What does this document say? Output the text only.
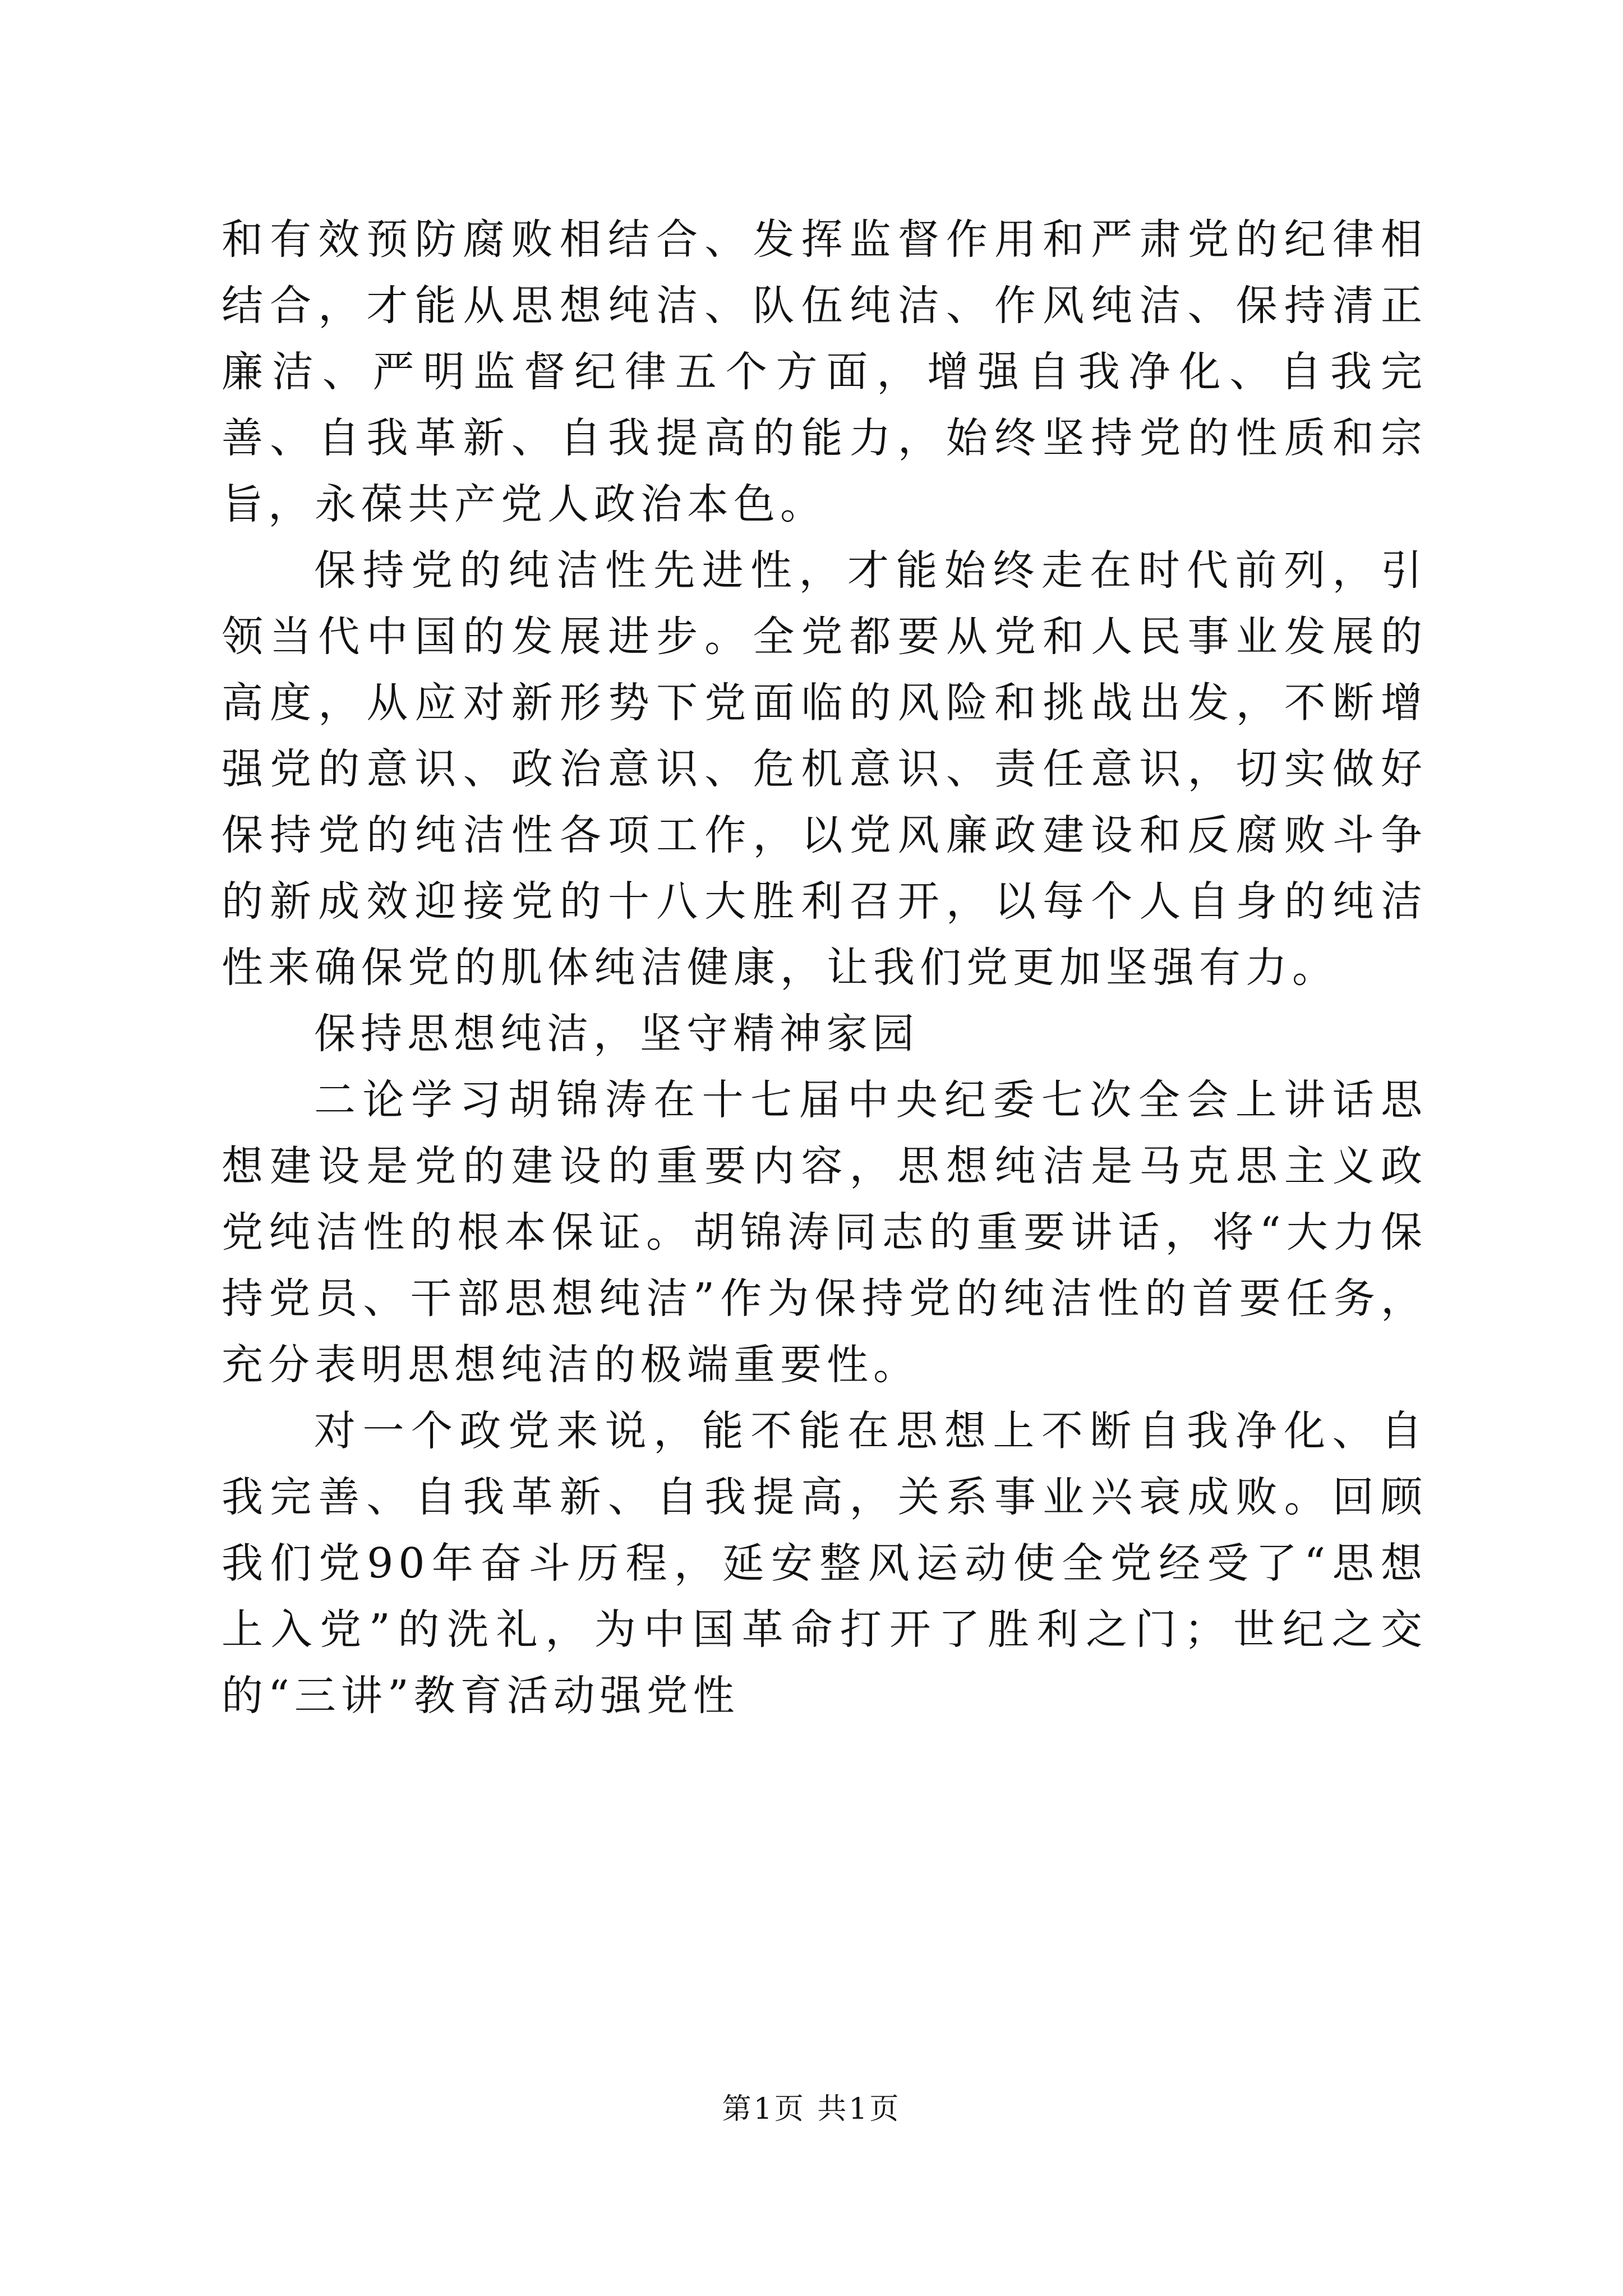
和有效预防腐败相结合、发挥监督作用和严肃党的纪律相结合，才能从思想纯洁、队伍纯洁、作风纯洁、保持清正廉洁、严明监督纪律五个方面，增强自我净化、自我完善、自我革新、自我提高的能力，始终坚持党的性质和宗旨，永葆共产党人政治本色。

保持党的纯洁性先进性，才能始终走在时代前列，引领当代中国的发展进步。全党都要从党和人民事业发展的高度，从应对新形势下党面临的风险和挑战出发，不断增强党的意识、政治意识、危机意识、责任意识，切实做好保持党的纯洁性各项工作，以党风廉政建设和反腐败斗争的新成效迎接党的十八大胜利召开，以每个人自身的纯洁性来确保党的肌体纯洁健康，让我们党更加坚强有力。

保持思想纯洁，坚守精神家园

二论学习胡锦涛在十七届中央纪委七次全会上讲话思想建设是党的建设的重要内容，思想纯洁是马克思主义政党纯洁性的根本保证。胡锦涛同志的重要讲话，将“大力保持党员、干部思想纯洁”作为保持党的纯洁性的首要任务，充分表明思想纯洁的极端重要性。

对一个政党来说，能不能在思想上不断自我净化、自我完善、自我革新、自我提高，关系事业兴衰成败。回顾我们党90年奋斗历程，延安整风运动使全党经受了“思想上入党”的洗礼，为中国革命打开了胜利之门；世纪之交的“三讲”教育活动强党性

第1页 共1页
